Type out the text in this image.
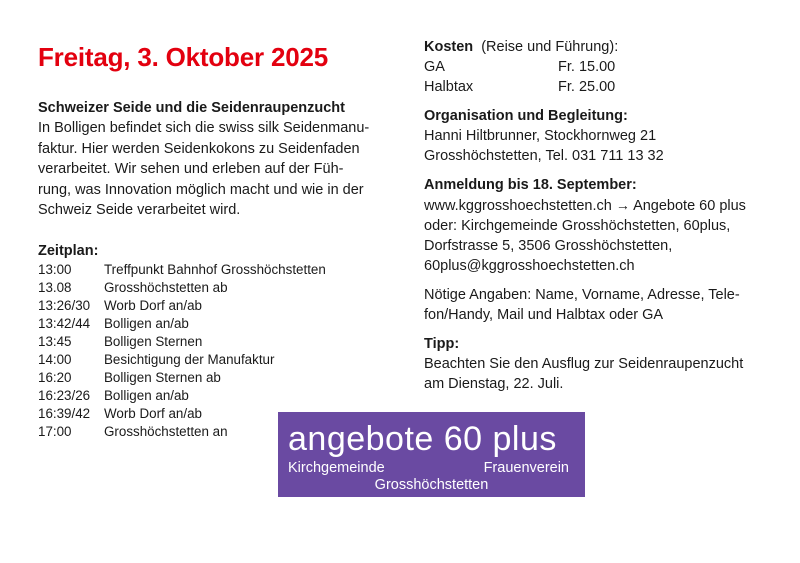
Freitag, 3. Oktober 2025

Schweizer Seide und die Seidenraupenzucht

In Bolligen befindet sich die swiss silk Seidenmanu-
faktur. Hier werden Seidenkokons zu Seidenfaden
verarbeitet. Wir sehen und erleben auf der Füh-
rung, was Innovation möglich macht und wie in der
Schweiz Seide verarbeitet wird.

Zeitplan:

13:00	Treffpunkt Bahnhof Grosshöchstetten
13.08	Grosshöchstetten ab
13:26/30	Worb Dorf an/ab
13:42/44	Bolligen an/ab
13:45	Bolligen Sternen
14:00	Besichtigung der Manufaktur
16:20	Bolligen Sternen ab
16:23/26	Bolligen an/ab
16:39/42	Worb Dorf an/ab
17:00	Grosshöchstetten an
Kosten (Reise und Führung):
GA	Fr. 15.00
Halbtax	Fr. 25.00
Organisation und Begleitung:
Hanni Hiltbrunner, Stockhornweg 21
Grosshöchstetten, Tel. 031 711 13 32
Anmeldung bis 18. September:
www.kggrosshoechstetten.ch → Angebote 60 plus
oder: Kirchgemeinde Grosshöchstetten, 60plus,
Dorfstrasse 5, 3506 Grosshöchstetten,
60plus@kggrosshoechstetten.ch
Nötige Angaben: Name, Vorname, Adresse, Tele-
fon/Handy, Mail und Halbtax oder GA
Tipp:
Beachten Sie den Ausflug zur Seidenraupenzucht
am Dienstag, 22. Juli.
angebote 60 plus
Kirchgemeinde	Frauenverein
Grosshöchstetten
